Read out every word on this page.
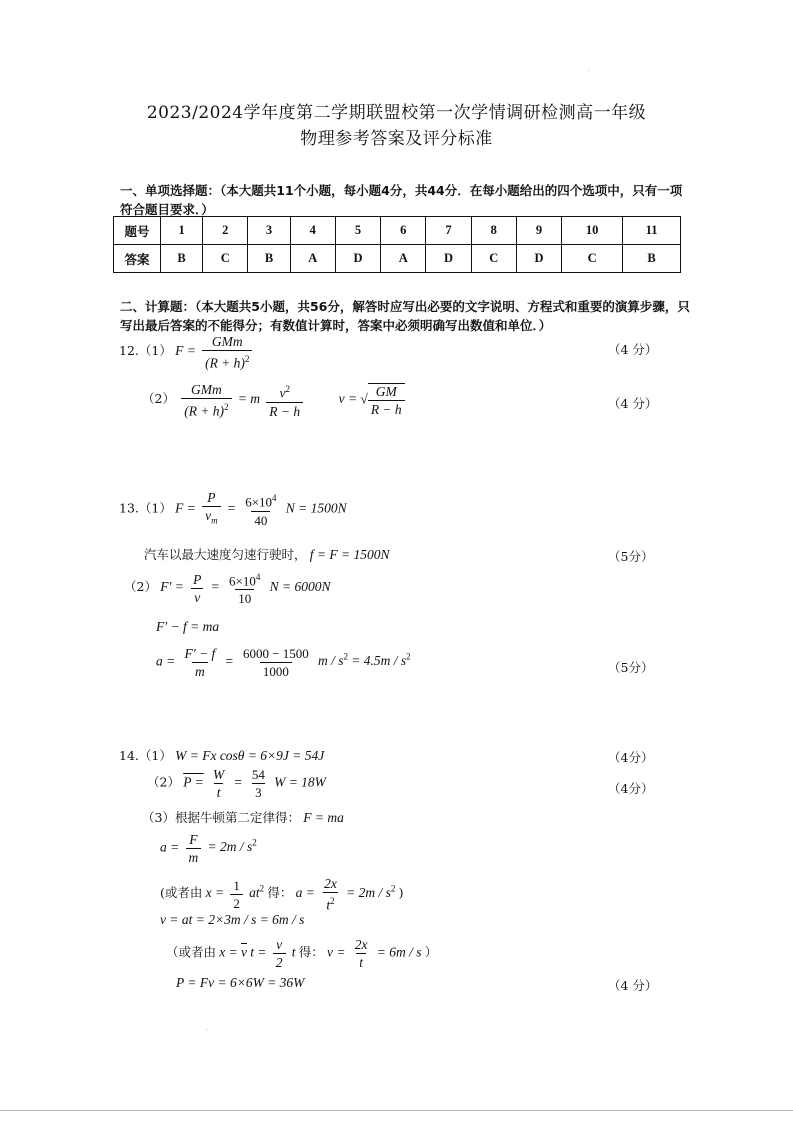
.
2023/2024学年度第二学期联盟校第一次学情调研检测高一年级
物理参考答案及评分标准
一、单项选择题：（本大题共11个小题，每小题4分，共44分．在每小题给出的四个选项中，只有一项符合题目要求．）
题号	1	2	3	4	5	6	7	8	9	10	11
答案	B	C	B	A	D	A	D	C	D	C	B
二、计算题：（本大题共5小题，共56分，解答时应写出必要的文字说明、方程式和重要的演算步骤，只写出最后答案的不能得分；有数值计算时，答案中必须明确写出数值和单位．）
12.（1） $F = \frac{\text{GMm}}{(R + h)^2}$	（4 分）
$(2) \frac{\text{GMm}}{(R + h)^2} = m \frac{v^2}{R - h}$	v = √ $\frac{GM}{R - h}$	（4 分）
13.（1） $F = \frac{P}{v_m} = \frac{6\times 10^4}{40}$ N = 1500N
汽车以最大速度匀速行驶时， f = F = 1500N	（5分）
（2） $F' = \frac{P}{v} = \frac{6\times 10^4}{10}$ N = 6000N
F′ − f = ma
$a = \frac{F' - f}{m} = \frac{6000 - 1500}{1000}$ $m / s^2 = 4.5m / s^2$
（5分）
14.（1） W = Fx cosθ = 6×9J = 54J	（4分）
（2） $P = \frac{W}{t} = \frac{54}{3}$ W = 18W	（4分）
（3）根据牛顿第二定律得： F = ma
$a = \frac{F}{m} = 2m / s^2$
(或者由 $x = \frac{1}{2} at^2$ 得： $a = \frac{2x}{t^2} = 2m / s^2$ )
v = at = 2×3m / s = 6m / s
（或者由 $x = \overline{v}$ $t = \frac{v}{2}$ t 得： $v = \frac{2x}{t} = 6m / s$ ）
P = Fv = 6×6W = 36W	（4 分）
.
